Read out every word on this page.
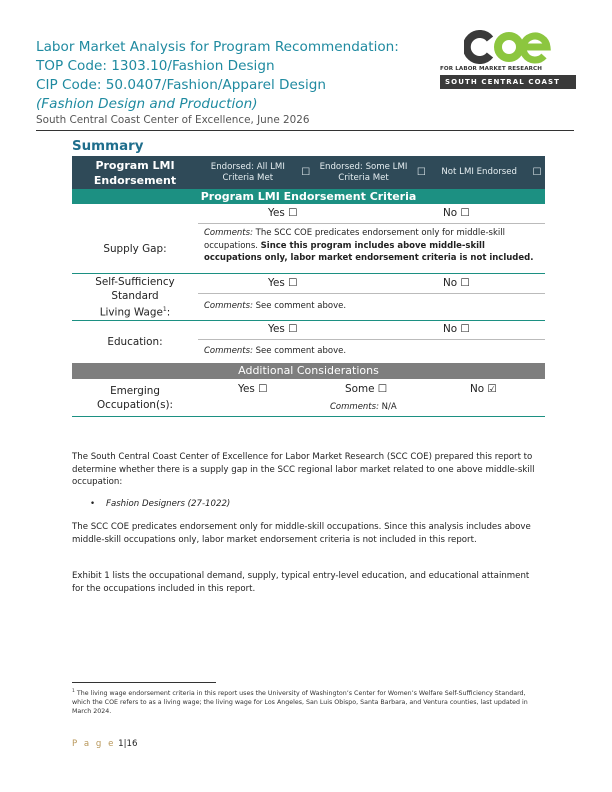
Labor Market Analysis for Program Recommendation:
TOP Code: 1303.10/Fashion Design
CIP Code: 50.0407/Fashion/Apparel Design
(Fashion Design and Production)
South Central Coast Center of Excellence, June 2026
FOR LABOR MARKET RESEARCH
SOUTH CENTRAL COAST
Summary
Program LMI Endorsement
Endorsed: All LMI Criteria Met	☐
Endorsed: Some LMI Criteria Met	☐	Not LMI Endorsed	☐
Program LMI Endorsement Criteria
Supply Gap:
Yes ☐	No ☐
Comments: The SCC COE predicates endorsement only for middle-skill occupations. Since this program includes above middle-skill occupations only, labor market endorsement criteria is not included.
Self-Sufficiency
Standard
Living Wage$^1$:
Yes ☐	No ☐
Comments: See comment above.
Education:
Yes ☐	No ☐
Comments: See comment above.
Additional Considerations
Emerging
Occupation(s):
Yes ☐	Some ☐	No ☑
Comments: N/A
The South Central Coast Center of Excellence for Labor Market Research (SCC COE) prepared this report to determine whether there is a supply gap in the SCC regional labor market related to one above middle-skill occupation:
•    Fashion Designers (27-1022)
The SCC COE predicates endorsement only for middle-skill occupations. Since this analysis includes above middle-skill occupations only, labor market endorsement criteria is not included in this report.
Exhibit 1 lists the occupational demand, supply, typical entry-level education, and educational attainment for the occupations included in this report.
$^1$ The living wage endorsement criteria in this report uses the University of Washington’s Center for Women’s Welfare Self-Sufficiency Standard, which the COE refers to as a living wage; the living wage for Los Angeles, San Luis Obispo, Santa Barbara, and Ventura counties, last updated in March 2024.
P a g e 1|16
